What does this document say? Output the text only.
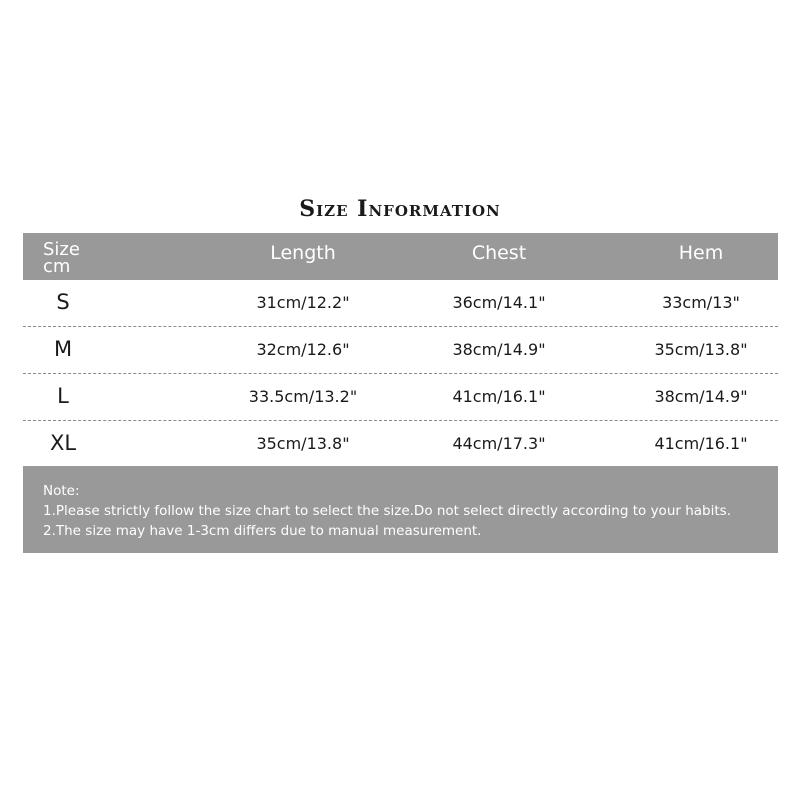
Size Information
Size
cm
Length	Chest	Hem
S	31cm/12.2"	36cm/14.1"	33cm/13"
M	32cm/12.6"	38cm/14.9"	35cm/13.8"
L	33.5cm/13.2"	41cm/16.1"	38cm/14.9"
XL	35cm/13.8"	44cm/17.3"	41cm/16.1"
Note:
1.Please strictly follow the size chart to select the size.Do not select directly according to your habits.
2.The size may have 1-3cm differs due to manual measurement.
